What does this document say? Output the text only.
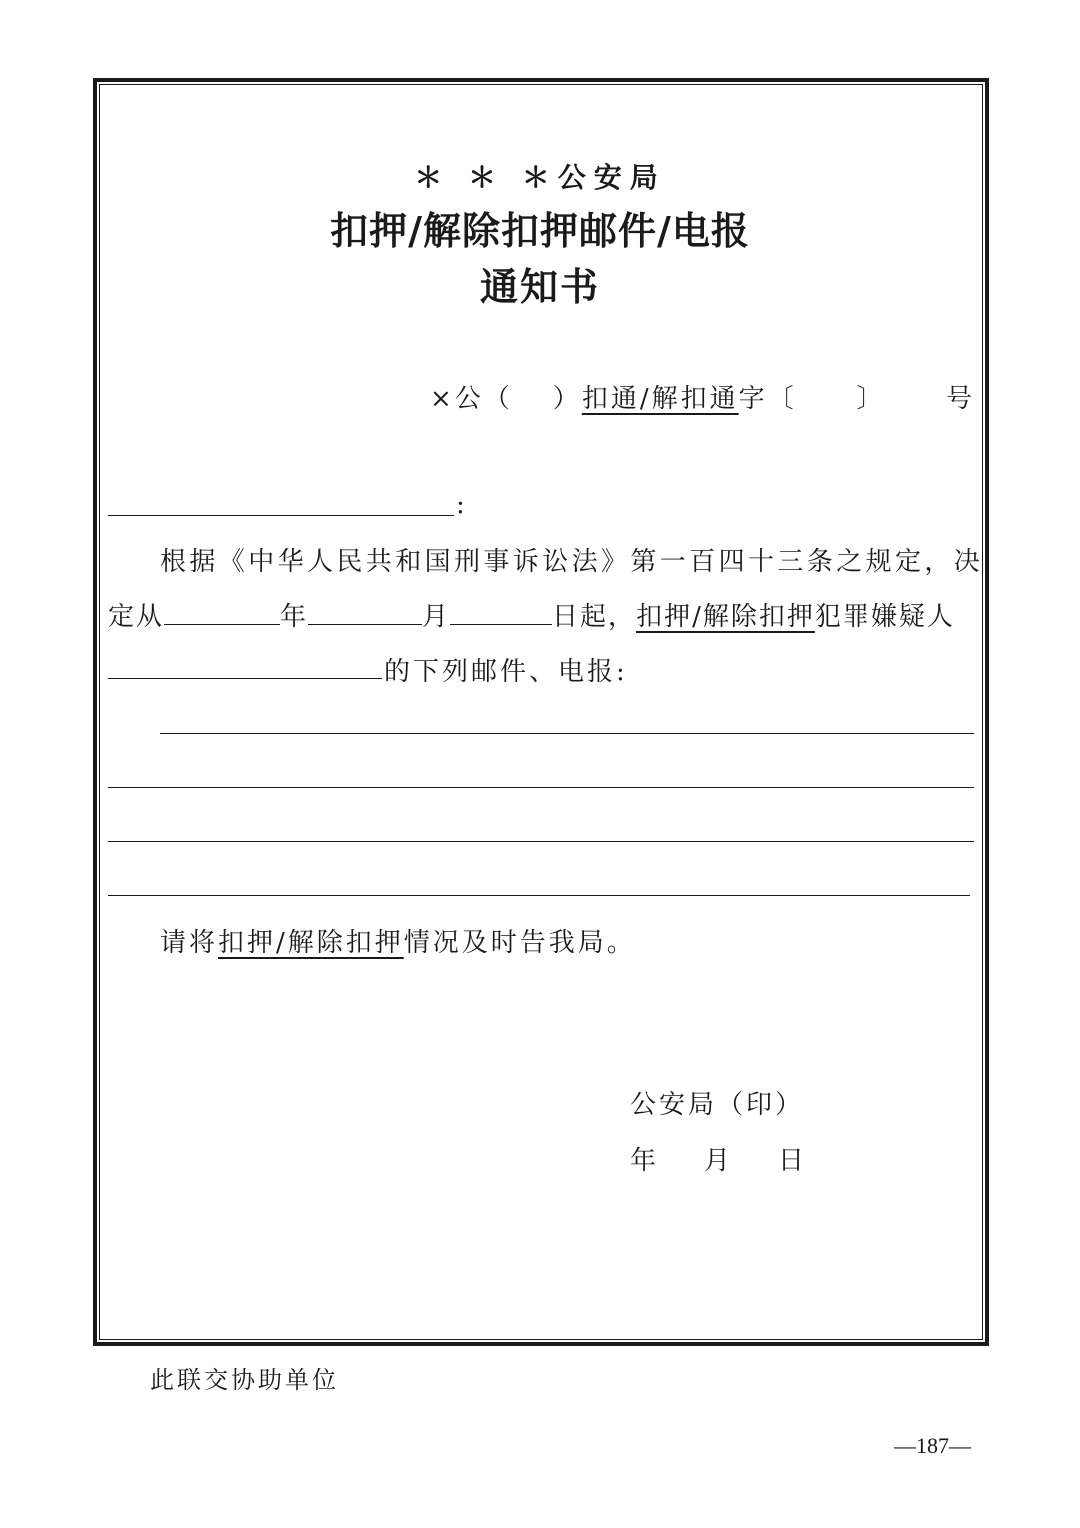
＊ ＊ ＊公安局
扣押/解除扣押邮件/电报
通知书
×公（ ）扣通/解扣通字〔 〕 号
:
根据《中华人民共和国刑事诉讼法》第一百四十三条之规定，决
定从	年	月	日起，扣押/解除扣押犯罪嫌疑人
的下列邮件、电报:
请将扣押/解除扣押情况及时告我局。
公安局（印）
年 月 日
此联交协助单位
—187—
